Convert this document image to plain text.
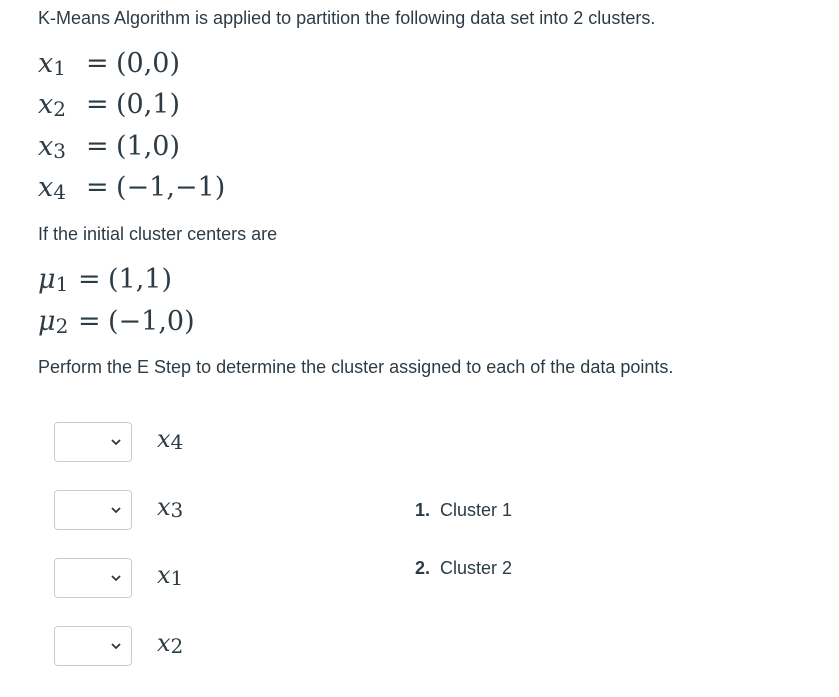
K-Means Algorithm is applied to partition the following data set into 2 clusters.
x1 = (0,0)
x2 = (0,1)
x3 = (1,0)
x4 = (−1,−1)
If the initial cluster centers are
μ1 = (1,1)
μ2 = (−1,0)
Perform the E Step to determine the cluster assigned to each of the data points.
x4
x3
x1
x2
1. Cluster 1
2. Cluster 2
